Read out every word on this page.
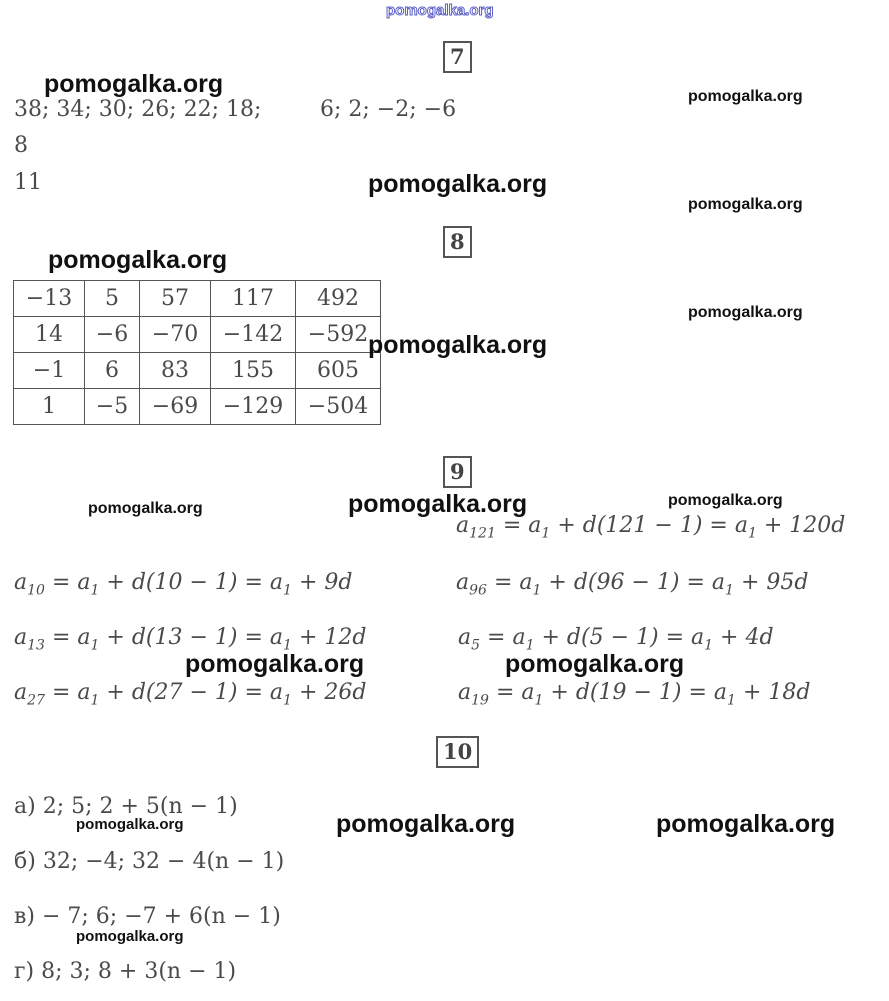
pomogalka.org
7
38; 34; 30; 26; 22; 18;	6; 2; −2; −6
8
11
8
−13	5	57	117	492
14	−6	−70	−142	−592
−1	6	83	155	605
1	−5	−69	−129	−504
9
$a_{121} = a_1 + d(121 - 1) = a_1 + 120d$
$a_{10} = a_1 + d(10 - 1) = a_1 + 9d$	$a_{96} = a_1 + d(96 - 1) = a_1 + 95d$
$a_{13} = a_1 + d(13 - 1) = a_1 + 12d$	$a_5 = a_1 + d(5 - 1) = a_1 + 4d$
$a_{27} = a_1 + d(27 - 1) = a_1 + 26d$	$a_{19} = a_1 + d(19 - 1) = a_1 + 18d$
10
а) 2; 5; 2 + 5(n − 1)
б) 32; −4; 32 − 4(n − 1)
в) − 7; 6; −7 + 6(n − 1)
г) 8; 3; 8 + 3(n − 1)
pomogalka.org	pomogalka.org
pomogalka.org
pomogalka.org
pomogalka.org
pomogalka.org
pomogalka.org
pomogalka.org	pomogalka.org	pomogalka.org
pomogalka.org	pomogalka.org
pomogalka.org	pomogalka.org	pomogalka.org
pomogalka.org
